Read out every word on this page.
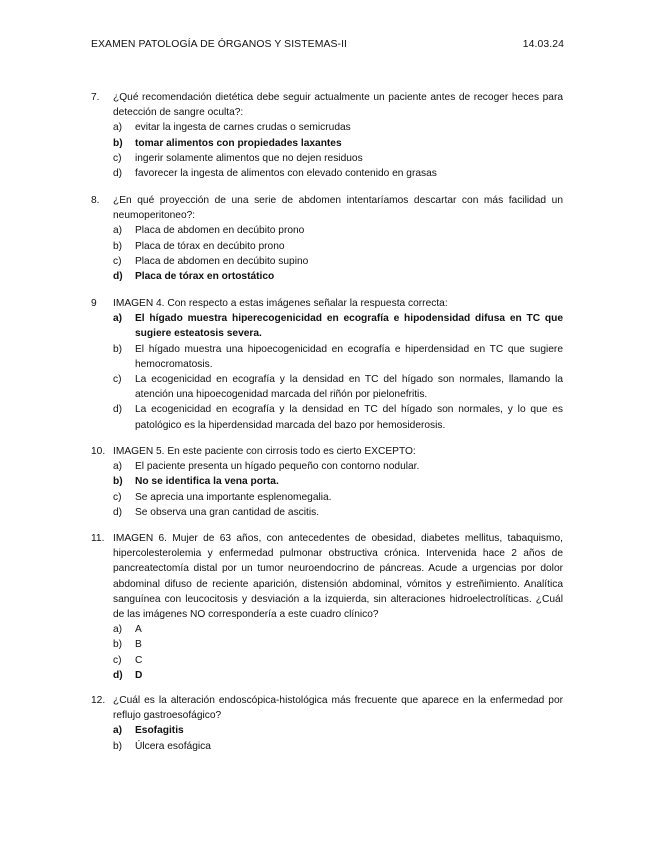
EXAMEN PATOLOGÍA DE ÓRGANOS Y SISTEMAS-II	14.03.24
7. ¿Qué recomendación dietética debe seguir actualmente un paciente antes de recoger heces para detección de sangre oculta?:
a) evitar la ingesta de carnes crudas o semicrudas
b) tomar alimentos con propiedades laxantes
c) ingerir solamente alimentos que no dejen residuos
d) favorecer la ingesta de alimentos con elevado contenido en grasas
8. ¿En qué proyección de una serie de abdomen intentaríamos descartar con más facilidad un neumoperitoneo?:
a) Placa de abdomen en decúbito prono
b) Placa de tórax en decúbito prono
c) Placa de abdomen en decúbito supino
d) Placa de tórax en ortostático
9 IMAGEN 4. Con respecto a estas imágenes señalar la respuesta correcta:
a) El hígado muestra hiperecogenicidad en ecografía e hipodensidad difusa en TC que sugiere esteatosis severa.
b) El hígado muestra una hipoecogenicidad en ecografía e hiperdensidad en TC que sugiere hemocromatosis.
c) La ecogenicidad en ecografía y la densidad en TC del hígado son normales, llamando la atención una hipoecogenidad marcada del riñón por pielonefritis.
d) La ecogenicidad en ecografía y la densidad en TC del hígado son normales, y lo que es patológico es la hiperdensidad marcada del bazo por hemosiderosis.
10. IMAGEN 5. En este paciente con cirrosis todo es cierto EXCEPTO:
a) El paciente presenta un hígado pequeño con contorno nodular.
b) No se identifica la vena porta.
c) Se aprecia una importante esplenomegalia.
d) Se observa una gran cantidad de ascitis.
11. IMAGEN 6. Mujer de 63 años, con antecedentes de obesidad, diabetes mellitus, tabaquismo, hipercolesterolemia y enfermedad pulmonar obstructiva crónica. Intervenida hace 2 años de pancreatectomía distal por un tumor neuroendocrino de páncreas. Acude a urgencias por dolor abdominal difuso de reciente aparición, distensión abdominal, vómitos y estreñimiento. Analítica sanguínea con leucocitosis y desviación a la izquierda, sin alteraciones hidroelectrolíticas. ¿Cuál de las imágenes NO correspondería a este cuadro clínico?
a) A
b) B
c) C
d) D
12. ¿Cuál es la alteración endoscópica-histológica más frecuente que aparece en la enfermedad por reflujo gastroesofágico?
a) Esofagitis
b) Úlcera esofágica
